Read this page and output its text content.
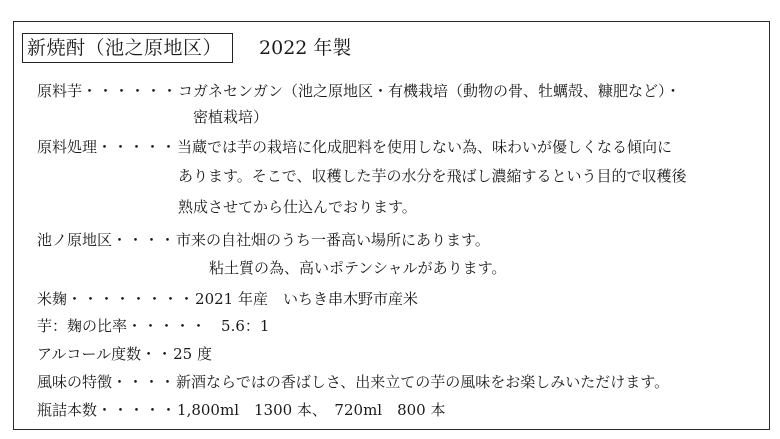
新焼酎（池之原地区）	2022 年製
原料芋・・・・・・コガネセンガン（池之原地区・有機栽培（動物の骨、牡蠣殻、糠肥など）・
密植栽培）
原料処理・・・・・当蔵では芋の栽培に化成肥料を使用しない為、味わいが優しくなる傾向に
あります。そこで、収穫した芋の水分を飛ばし濃縮するという目的で収穫後
熟成させてから仕込んでおります。
池ノ原地区・・・・市来の自社畑のうち一番高い場所にあります。
粘土質の為、高いポテンシャルがあります。
米麹・・・・・・・・2021 年産　いちき串木野市産米
芋：麹の比率・・・・・ 5.6：1
アルコール度数・・25 度
風味の特徴・・・・新酒ならではの香ばしさ、出来立ての芋の風味をお楽しみいただけます。
瓶詰本数・・・・・1,800ml　1300 本、　720ml　800 本
